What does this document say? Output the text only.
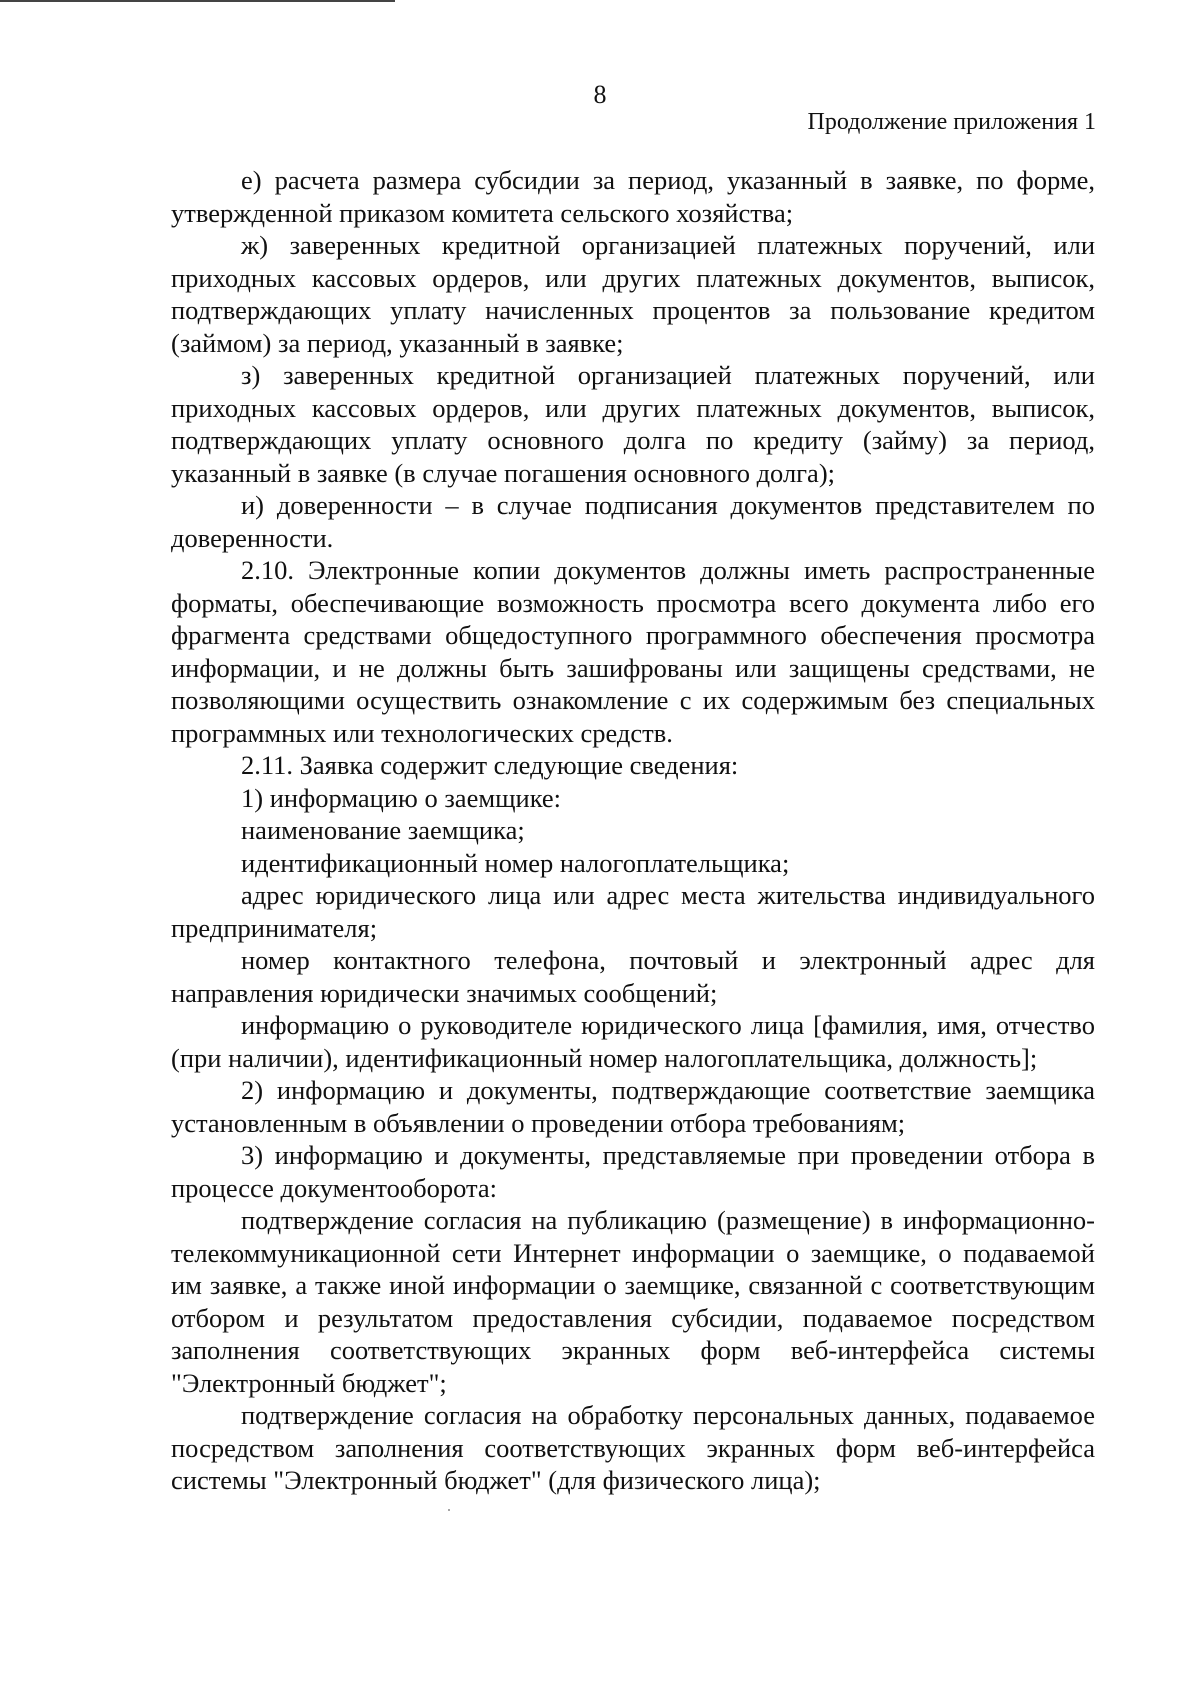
8
Продолжение приложения 1

е) расчета размера субсидии за период, указанный в заявке, по форме, утвержденной приказом комитета сельского хозяйства;

ж) заверенных кредитной организацией платежных поручений, или приходных кассовых ордеров, или других платежных документов, выписок, подтверждающих уплату начисленных процентов за пользование кредитом (займом) за период, указанный в заявке;

з) заверенных кредитной организацией платежных поручений, или приходных кассовых ордеров, или других платежных документов, выписок, подтверждающих уплату основного долга по кредиту (займу) за период, указанный в заявке (в случае погашения основного долга);

и) доверенности – в случае подписания документов представителем по доверенности.

2.10. Электронные копии документов должны иметь распространенные форматы, обеспечивающие возможность просмотра всего документа либо его фрагмента средствами общедоступного программного обеспечения просмотра информации, и не должны быть зашифрованы или защищены средствами, не позволяющими осуществить ознакомление с их содержимым без специальных программных или технологических средств.

2.11. Заявка содержит следующие сведения:

1) информацию о заемщике:

наименование заемщика;

идентификационный номер налогоплательщика;

адрес юридического лица или адрес места жительства индивидуального предпринимателя;

номер контактного телефона, почтовый и электронный адрес для направления юридически значимых сообщений;

информацию о руководителе юридического лица [фамилия, имя, отчество (при наличии), идентификационный номер налогоплательщика, должность];

2) информацию и документы, подтверждающие соответствие заемщика установленным в объявлении о проведении отбора требованиям;

3) информацию и документы, представляемые при проведении отбора в процессе документооборота:

подтверждение согласия на публикацию (размещение) в информационно-телекоммуникационной сети Интернет информации о заемщике, о подаваемой им заявке, а также иной информации о заемщике, связанной с соответствующим отбором и результатом предоставления субсидии, подаваемое посредством заполнения соответствующих экранных форм веб-интерфейса системы "Электронный бюджет";

подтверждение согласия на обработку персональных данных, подаваемое посредством заполнения соответствующих экранных форм веб-интерфейса системы "Электронный бюджет" (для физического лица);
